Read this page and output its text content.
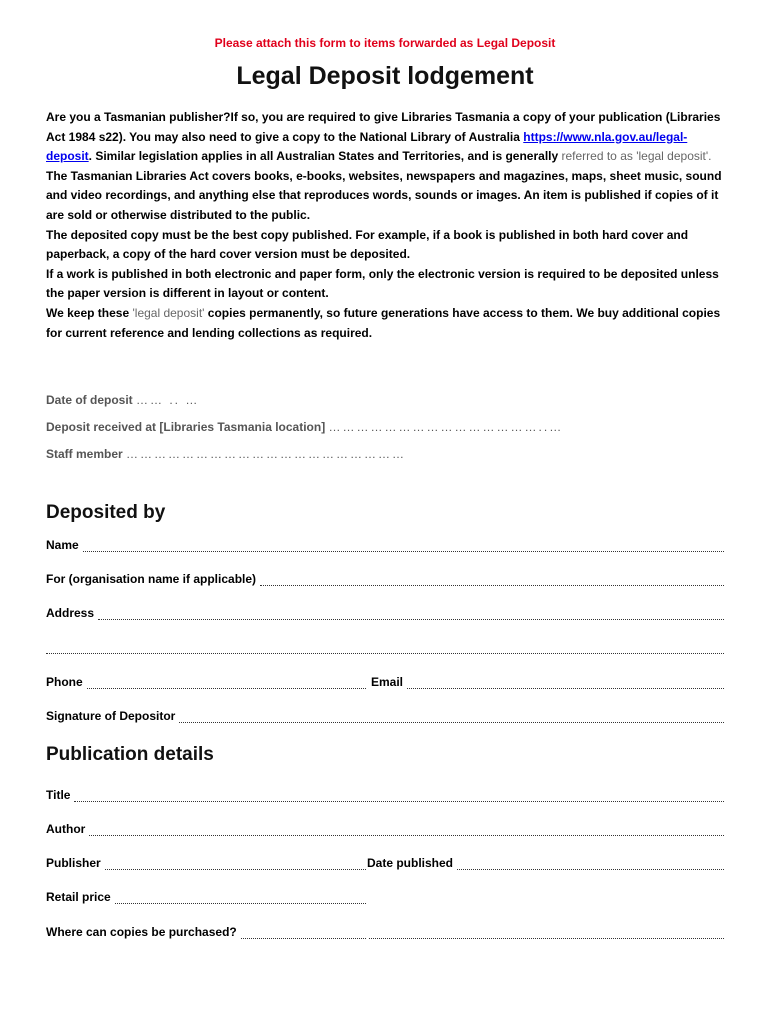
Please attach this form to items forwarded as Legal Deposit
Legal Deposit lodgement

Are you a Tasmanian publisher?If so, you are required to give Libraries Tasmania a copy of your publication (Libraries Act 1984 s22). You may also need to give a copy to the National Library of Australia https://www.nla.gov.au/legal-deposit. Similar legislation applies in all Australian States and Territories, and is generally referred to as 'legal deposit'.

The Tasmanian Libraries Act covers books, e-books, websites, newspapers and magazines, maps, sheet music, sound and video recordings, and anything else that reproduces words, sounds or images. An item is published if copies of it are sold or otherwise distributed to the public.

The deposited copy must be the best copy published. For example, if a book is published in both hard cover and paperback, a copy of the hard cover version must be deposited.

If a work is published in both electronic and paper form, only the electronic version is required to be deposited unless the paper version is different in layout or content.

We keep these 'legal deposit' copies permanently, so future generations have access to them. We buy additional copies for current reference and lending collections as required.

Date of deposit …… .. …
Deposit received at [Libraries Tasmania location] ………………………………………..…
Staff member ……………………………………………………
Deposited by
Name
For (organisation name if applicable)
Address
Phone	Email
Signature of Depositor
Publication details
Title
Author
Publisher	Date published
Retail price
Where can copies be purchased?
